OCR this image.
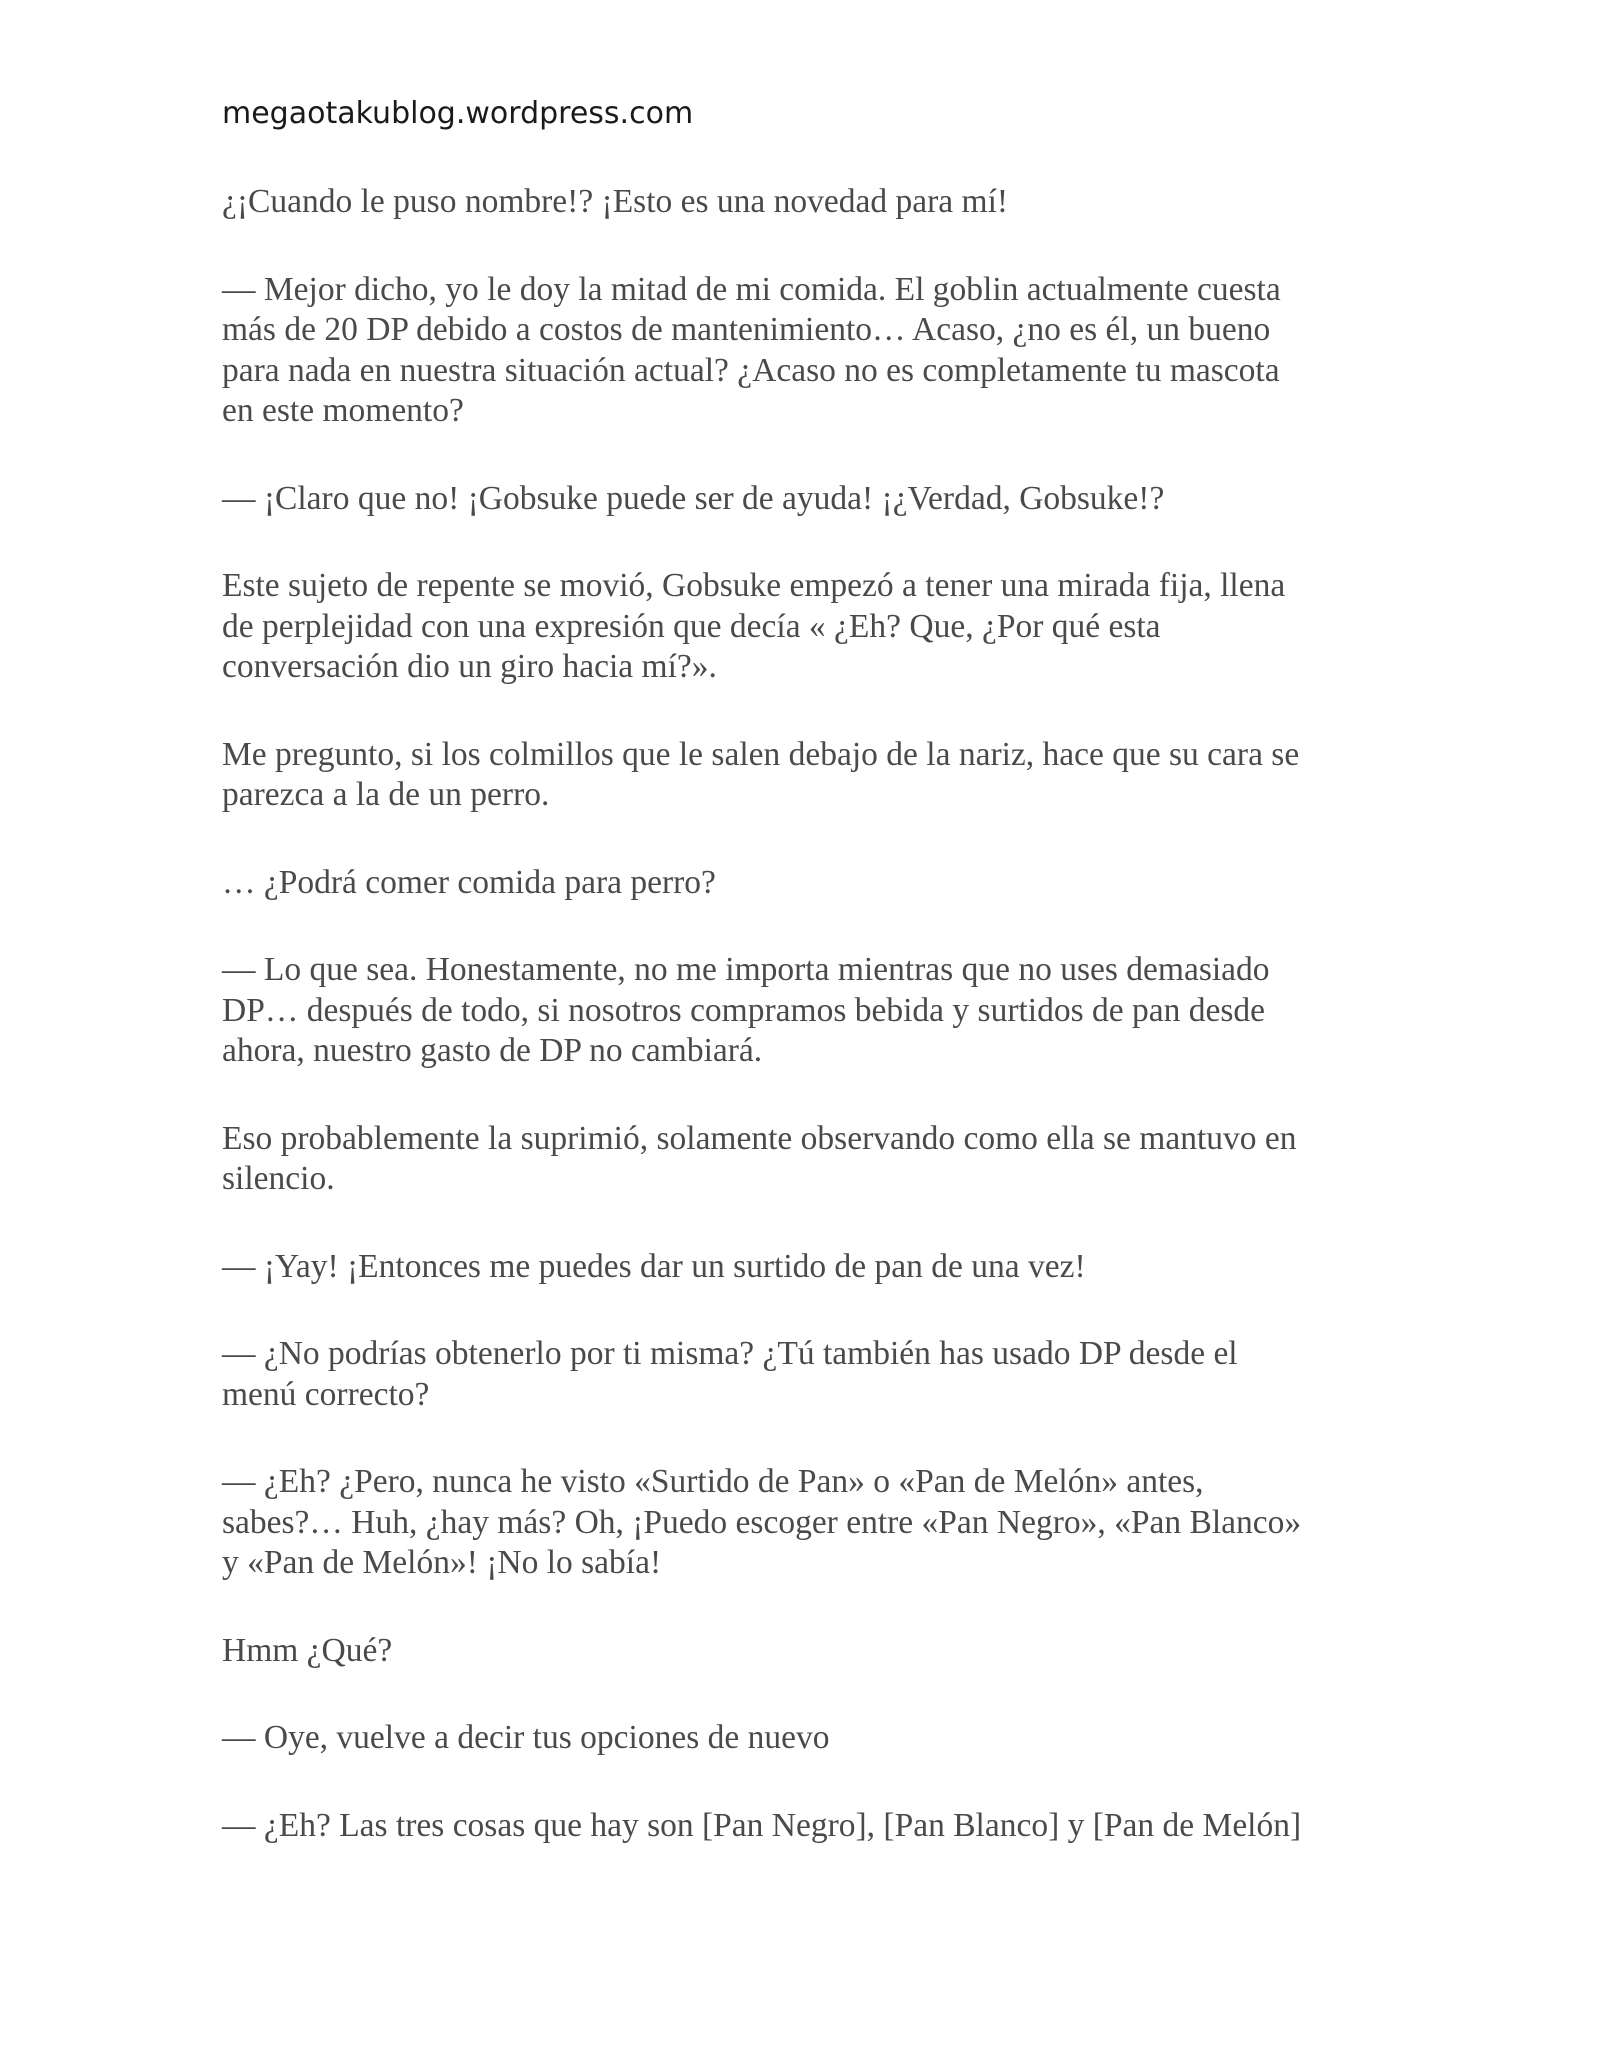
megaotakublog.wordpress.com

¿¡Cuando le puso nombre!? ¡Esto es una novedad para mí!

— Mejor dicho, yo le doy la mitad de mi comida. El goblin actualmente cuesta
más de 20 DP debido a costos de mantenimiento… Acaso, ¿no es él, un bueno
para nada en nuestra situación actual? ¿Acaso no es completamente tu mascota
en este momento?

— ¡Claro que no! ¡Gobsuke puede ser de ayuda! ¡¿Verdad, Gobsuke!?

Este sujeto de repente se movió, Gobsuke empezó a tener una mirada fija, llena
de perplejidad con una expresión que decía « ¿Eh? Que, ¿Por qué esta
conversación dio un giro hacia mí?».

Me pregunto, si los colmillos que le salen debajo de la nariz, hace que su cara se
parezca a la de un perro.

… ¿Podrá comer comida para perro?

— Lo que sea. Honestamente, no me importa mientras que no uses demasiado
DP… después de todo, si nosotros compramos bebida y surtidos de pan desde
ahora, nuestro gasto de DP no cambiará.

Eso probablemente la suprimió, solamente observando como ella se mantuvo en
silencio.

— ¡Yay! ¡Entonces me puedes dar un surtido de pan de una vez!

— ¿No podrías obtenerlo por ti misma? ¿Tú también has usado DP desde el
menú correcto?

— ¿Eh? ¿Pero, nunca he visto «Surtido de Pan» o «Pan de Melón» antes,
sabes?… Huh, ¿hay más? Oh, ¡Puedo escoger entre «Pan Negro», «Pan Blanco»
y «Pan de Melón»! ¡No lo sabía!

Hmm ¿Qué?

— Oye, vuelve a decir tus opciones de nuevo

— ¿Eh? Las tres cosas que hay son [Pan Negro], [Pan Blanco] y [Pan de Melón]
